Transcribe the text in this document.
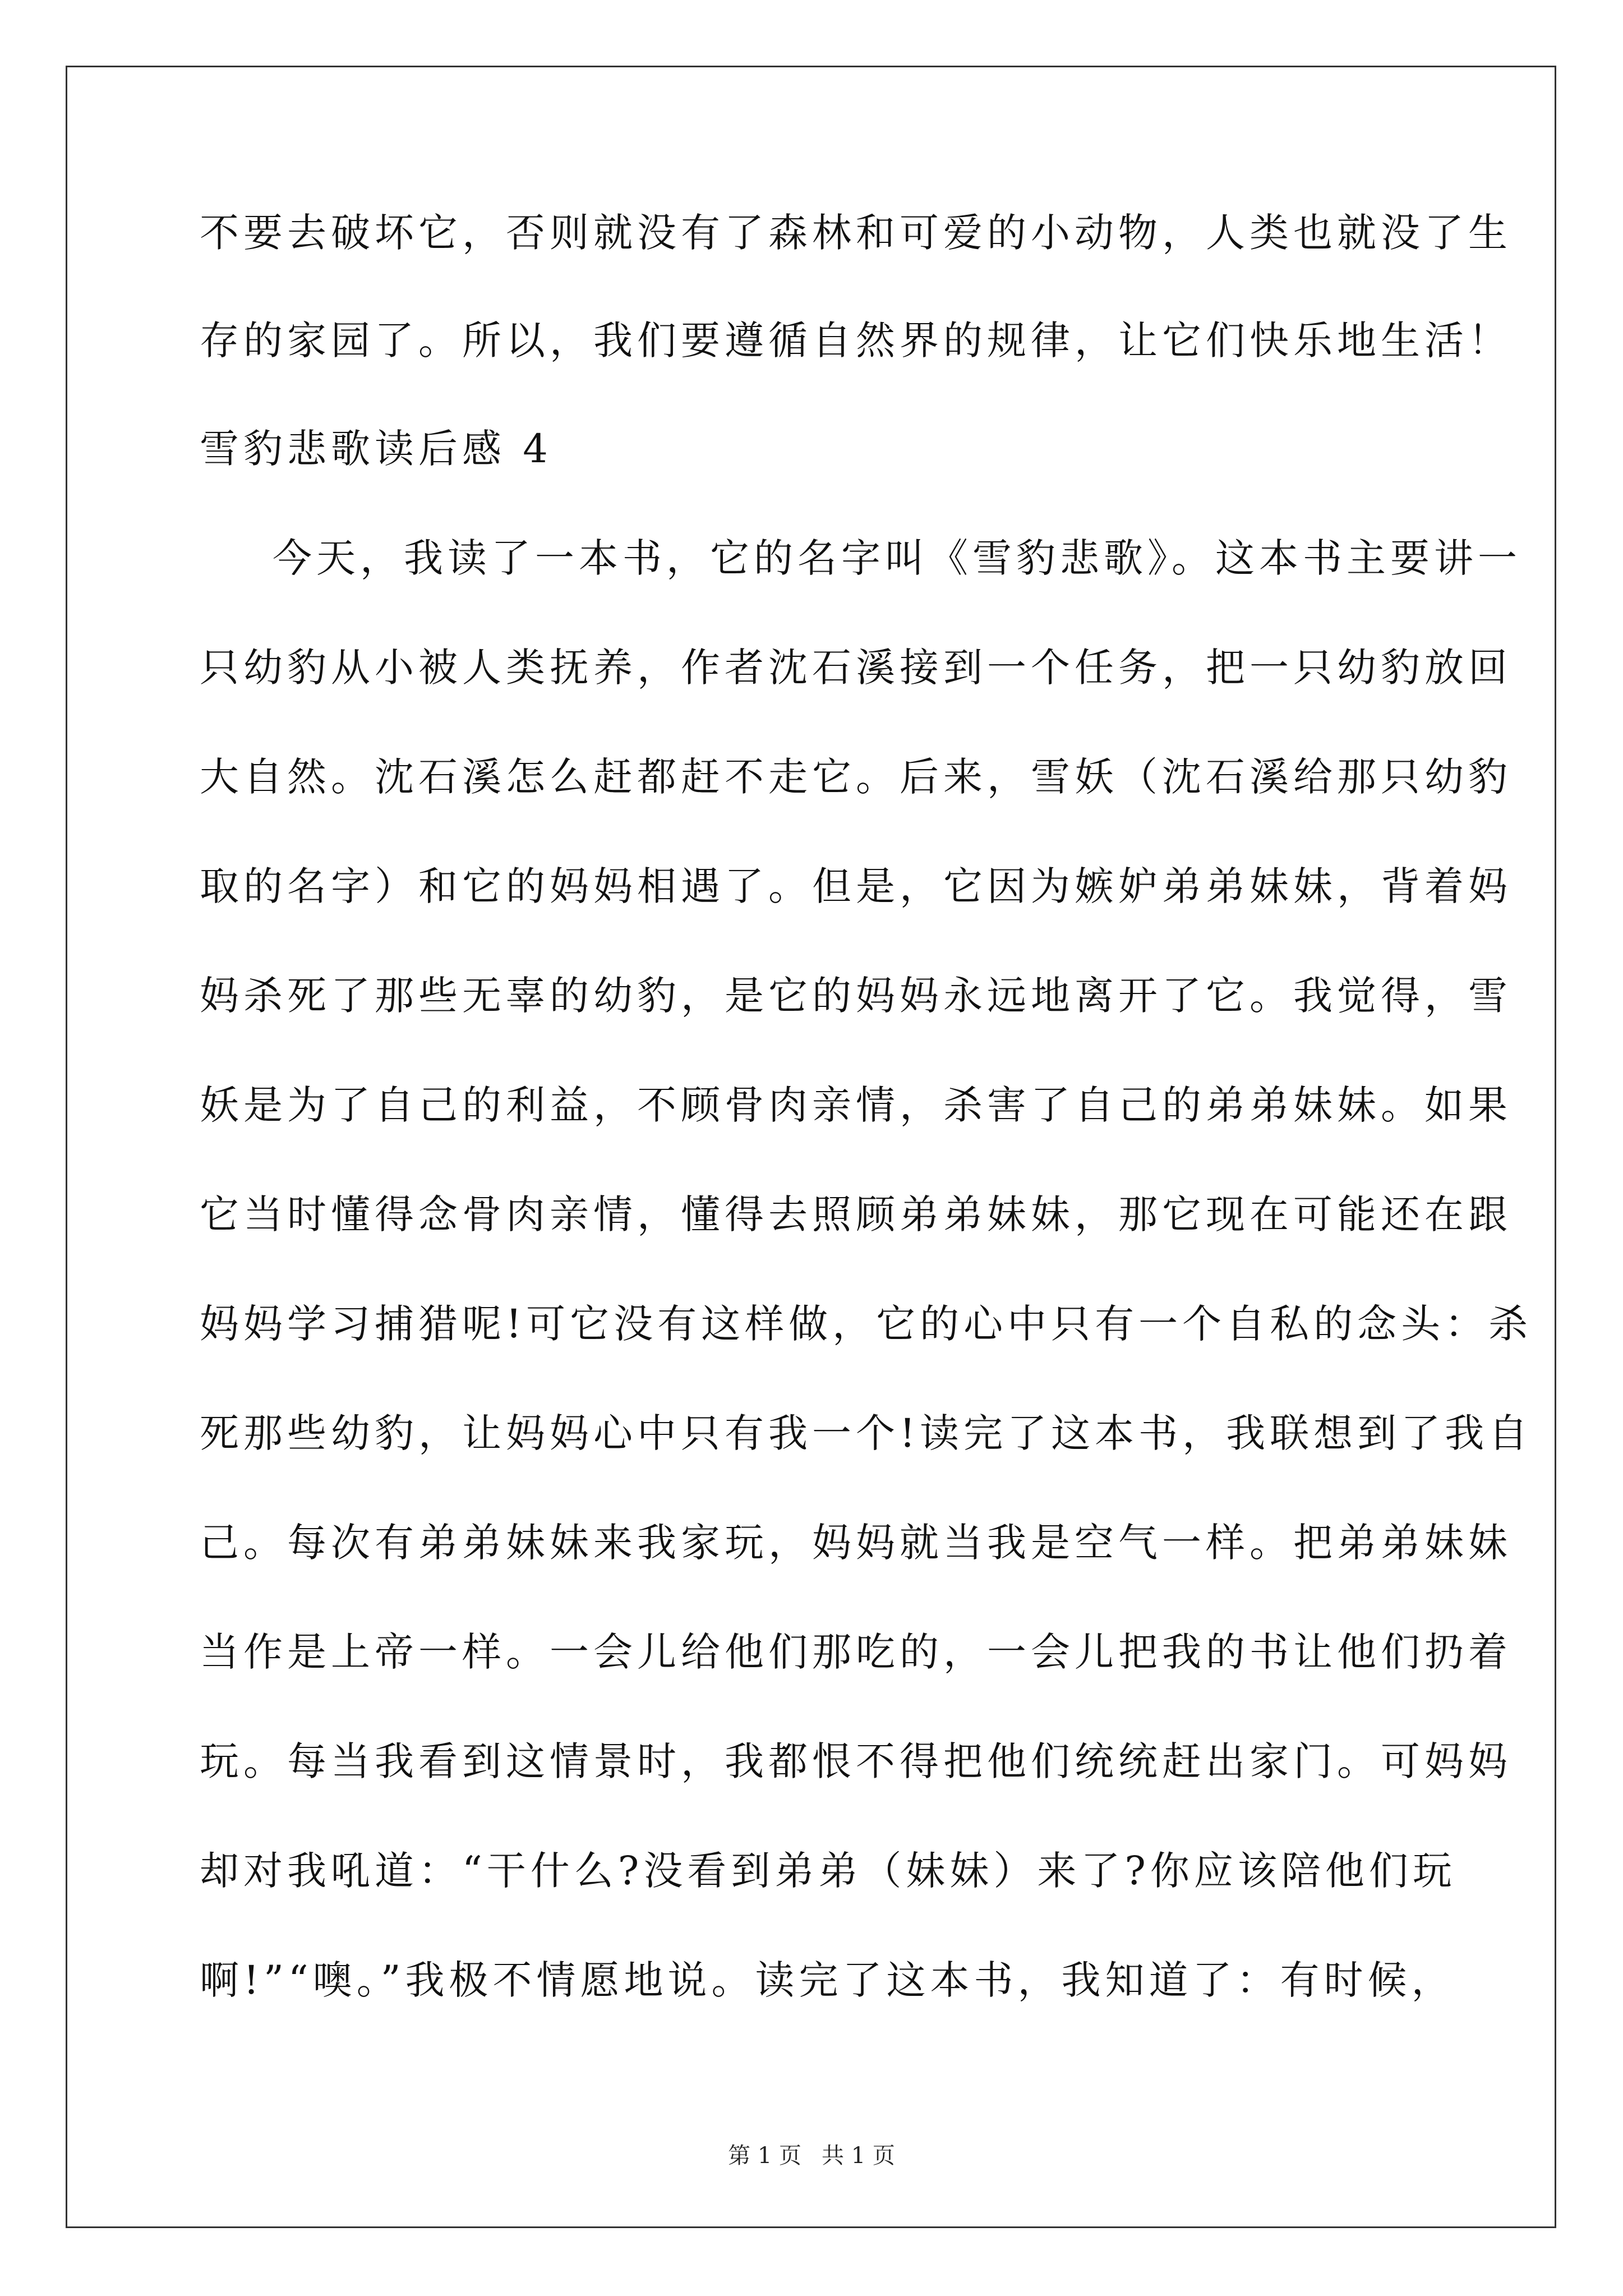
不要去破坏它，否则就没有了森林和可爱的小动物，人类也就没了生
存的家园了。所以，我们要遵循自然界的规律，让它们快乐地生活！
雪豹悲歌读后感 4
今天，我读了一本书，它的名字叫《雪豹悲歌》。这本书主要讲一
只幼豹从小被人类抚养，作者沈石溪接到一个任务，把一只幼豹放回
大自然。沈石溪怎么赶都赶不走它。后来，雪妖（沈石溪给那只幼豹
取的名字）和它的妈妈相遇了。但是，它因为嫉妒弟弟妹妹，背着妈
妈杀死了那些无辜的幼豹，是它的妈妈永远地离开了它。我觉得，雪
妖是为了自己的利益，不顾骨肉亲情，杀害了自己的弟弟妹妹。如果
它当时懂得念骨肉亲情，懂得去照顾弟弟妹妹，那它现在可能还在跟
妈妈学习捕猎呢!可它没有这样做，它的心中只有一个自私的念头：杀
死那些幼豹，让妈妈心中只有我一个!读完了这本书，我联想到了我自
己。每次有弟弟妹妹来我家玩，妈妈就当我是空气一样。把弟弟妹妹
当作是上帝一样。一会儿给他们那吃的，一会儿把我的书让他们扔着
玩。每当我看到这情景时，我都恨不得把他们统统赶出家门。可妈妈
却对我吼道：“干什么?没看到弟弟（妹妹）来了?你应该陪他们玩
啊!”“噢。”我极不情愿地说。读完了这本书，我知道了：有时候，
第 1 页 共 1 页
